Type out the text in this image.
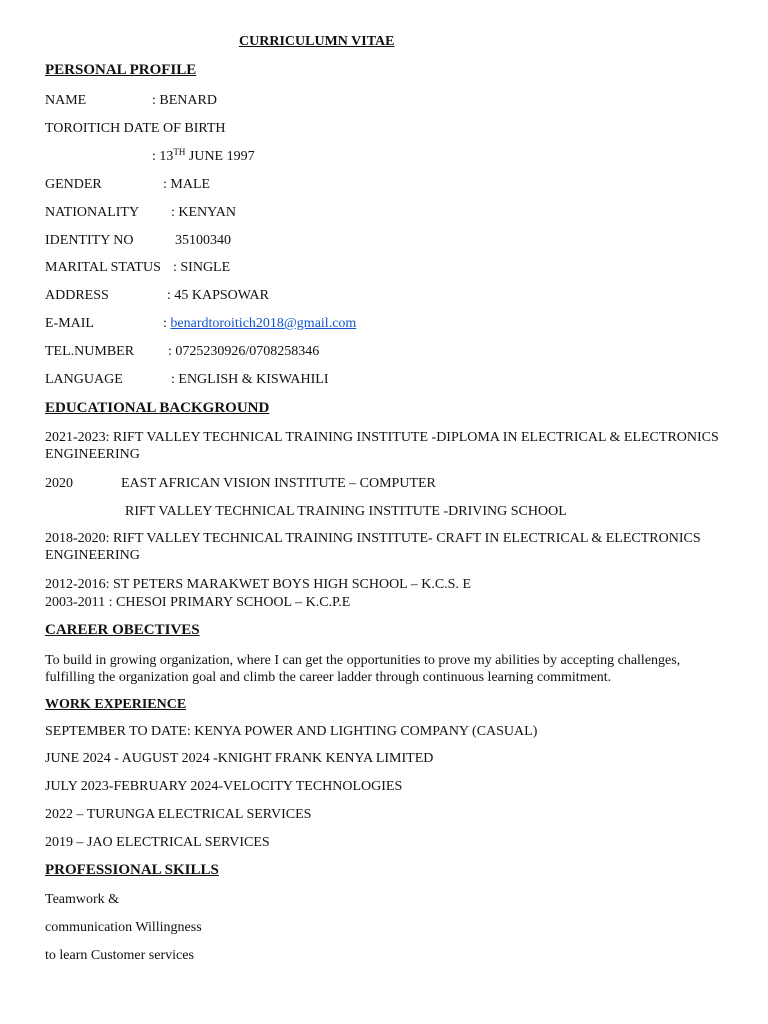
CURRICULUMN VITAE
PERSONAL PROFILE
NAME	: BENARD
TOROITICH DATE OF BIRTH
: 13TH JUNE 1997
GENDER	: MALE
NATIONALITY : KENYAN
IDENTITY NO	35100340
MARITAL STATUS : SINGLE
ADDRESS	: 45 KAPSOWAR
E-MAIL	: benardtoroitich2018@gmail.com
TEL.NUMBER : 0725230926/0708258346
LANGUAGE	: ENGLISH & KISWAHILI
EDUCATIONAL BACKGROUND
2021-2023: RIFT VALLEY TECHNICAL TRAINING INSTITUTE -DIPLOMA IN ELECTRICAL & ELECTRONICS ENGINEERING
2020	EAST AFRICAN VISION INSTITUTE – COMPUTER
RIFT VALLEY TECHNICAL TRAINING INSTITUTE -DRIVING SCHOOL
2018-2020: RIFT VALLEY TECHNICAL TRAINING INSTITUTE- CRAFT IN ELECTRICAL & ELECTRONICS ENGINEERING
2012-2016: ST PETERS MARAKWET BOYS HIGH SCHOOL – K.C.S. E
2003-2011 : CHESOI PRIMARY SCHOOL – K.C.P.E
CAREER OBECTIVES
To build in growing organization, where I can get the opportunities to prove my abilities by accepting challenges, fulfilling the organization goal and climb the career ladder through continuous learning commitment.
WORK EXPERIENCE
SEPTEMBER TO DATE: KENYA POWER AND LIGHTING COMPANY (CASUAL)
JUNE 2024 - AUGUST 2024 -KNIGHT FRANK KENYA LIMITED
JULY 2023-FEBRUARY 2024-VELOCITY TECHNOLOGIES
2022 – TURUNGA ELECTRICAL SERVICES
2019 – JAO ELECTRICAL SERVICES
PROFESSIONAL SKILLS
Teamwork &
communication Willingness
to learn Customer services
